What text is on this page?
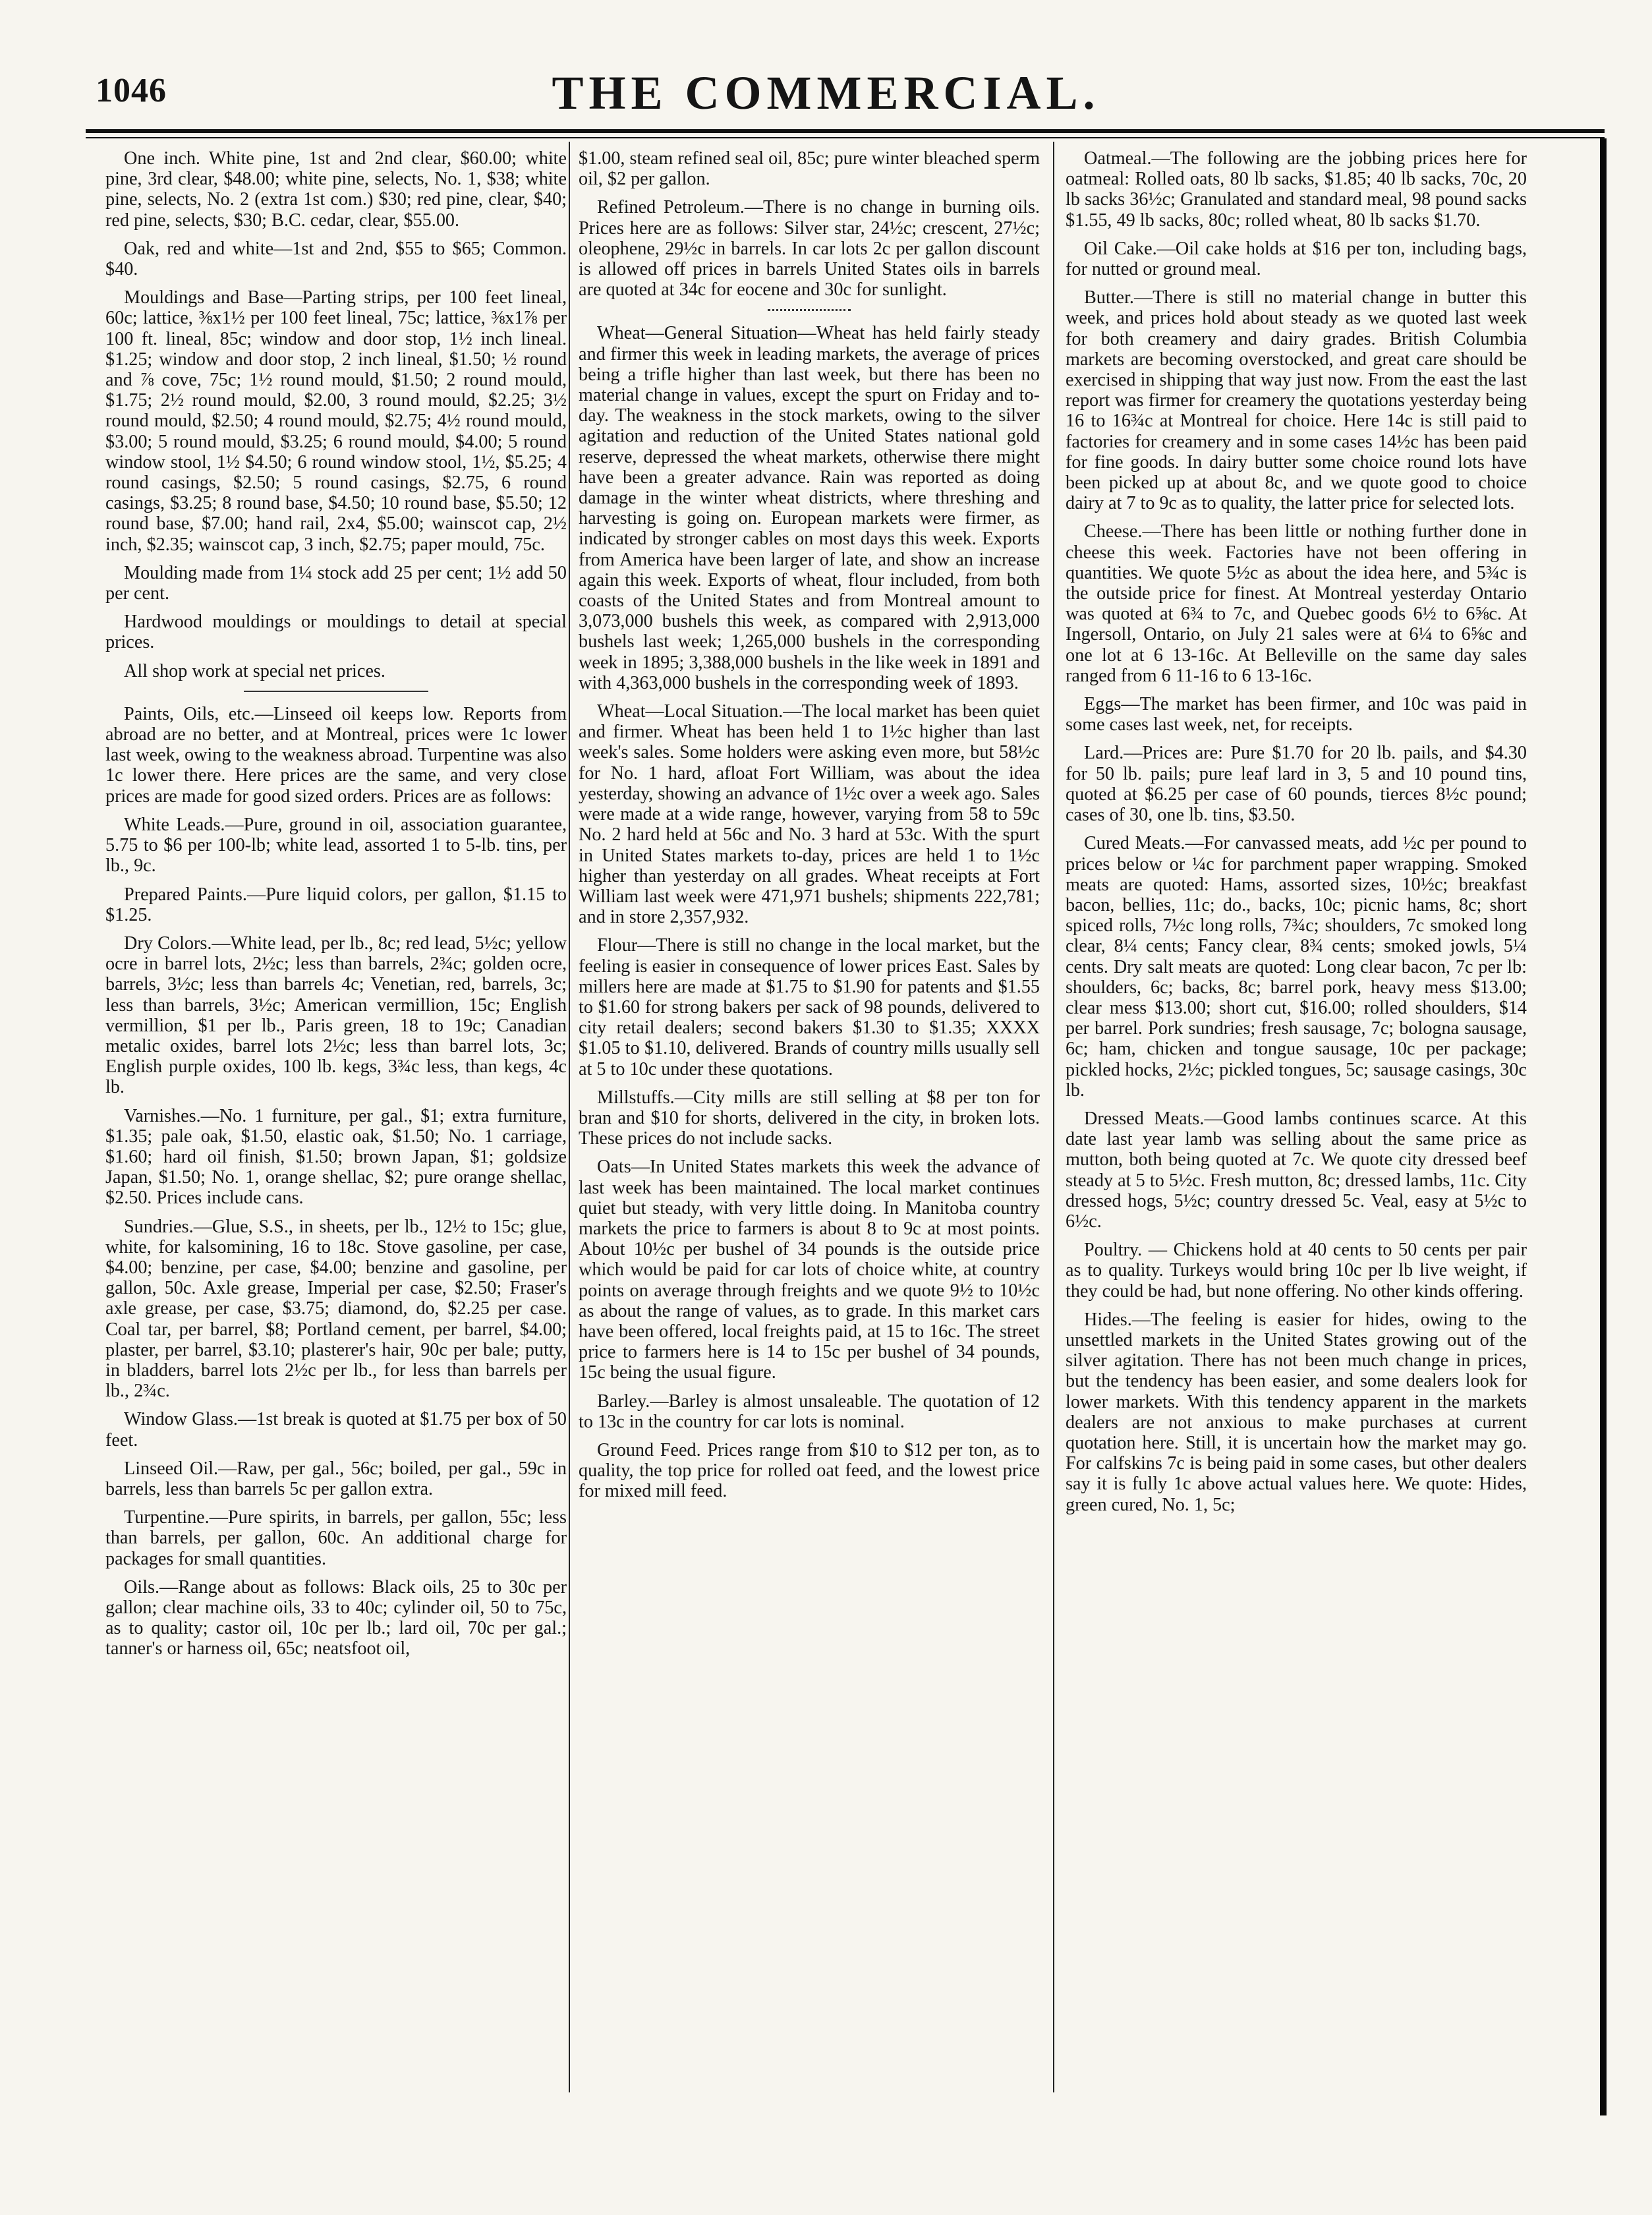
1046	THE COMMERCIAL.

One inch. White pine, 1st and 2nd clear, $60.00; white pine, 3rd clear, $48.00; white pine, selects, No. 1, $38; white pine, selects, No. 2 (extra 1st com.) $30; red pine, clear, $40; red pine, selects, $30; B.C. cedar, clear, $55.00.

Oak, red and white—1st and 2nd, $55 to $65; Common. $40.

Mouldings and Base—Parting strips, per 100 feet lineal, 60c; lattice, ⅜x1½ per 100 feet lineal, 75c; lattice, ⅜x1⅞ per 100 ft. lineal, 85c; window and door stop, 1½ inch lineal. $1.25; window and door stop, 2 inch lineal, $1.50; ½ round and ⅞ cove, 75c; 1½ round mould, $1.50; 2 round mould, $1.75; 2½ round mould, $2.00, 3 round mould, $2.25; 3½ round mould, $2.50; 4 round mould, $2.75; 4½ round mould, $3.00; 5 round mould, $3.25; 6 round mould, $4.00; 5 round window stool, 1½ $4.50; 6 round window stool, 1½, $5.25; 4 round casings, $2.50; 5 round casings, $2.75, 6 round casings, $3.25; 8 round base, $4.50; 10 round base, $5.50; 12 round base, $7.00; hand rail, 2x4, $5.00; wainscot cap, 2½ inch, $2.35; wainscot cap, 3 inch, $2.75; paper mould, 75c.

Moulding made from 1¼ stock add 25 per cent; 1½ add 50 per cent.

Hardwood mouldings or mouldings to detail at special prices.

All shop work at special net prices.

Paints, Oils, etc.—Linseed oil keeps low. Reports from abroad are no better, and at Montreal, prices were 1c lower last week, owing to the weakness abroad. Turpentine was also 1c lower there. Here prices are the same, and very close prices are made for good sized orders. Prices are as follows:

White Leads.—Pure, ground in oil, association guarantee, 5.75 to $6 per 100-lb; white lead, assorted 1 to 5-lb. tins, per lb., 9c.

Prepared Paints.—Pure liquid colors, per gallon, $1.15 to $1.25.

Dry Colors.—White lead, per lb., 8c; red lead, 5½c; yellow ocre in barrel lots, 2½c; less than barrels, 2¾c; golden ocre, barrels, 3½c; less than barrels 4c; Venetian, red, barrels, 3c; less than barrels, 3½c; American vermillion, 15c; English vermillion, $1 per lb., Paris green, 18 to 19c; Canadian metalic oxides, barrel lots 2½c; less than barrel lots, 3c; English purple oxides, 100 lb. kegs, 3¾c less, than kegs, 4c lb.

Varnishes.—No. 1 furniture, per gal., $1; extra furniture, $1.35; pale oak, $1.50, elastic oak, $1.50; No. 1 carriage, $1.60; hard oil finish, $1.50; brown Japan, $1; goldsize Japan, $1.50; No. 1, orange shellac, $2; pure orange shellac, $2.50. Prices include cans.

Sundries.—Glue, S.S., in sheets, per lb., 12½ to 15c; glue, white, for kalsomining, 16 to 18c. Stove gasoline, per case, $4.00; benzine, per case, $4.00; benzine and gasoline, per gallon, 50c. Axle grease, Imperial per case, $2.50; Fraser's axle grease, per case, $3.75; diamond, do, $2.25 per case. Coal tar, per barrel, $8; Portland cement, per barrel, $4.00; plaster, per barrel, $3.10; plasterer's hair, 90c per bale; putty, in bladders, barrel lots 2½c per lb., for less than barrels per lb., 2¾c.

Window Glass.—1st break is quoted at $1.75 per box of 50 feet.

Linseed Oil.—Raw, per gal., 56c; boiled, per gal., 59c in barrels, less than barrels 5c per gallon extra.

Turpentine.—Pure spirits, in barrels, per gallon, 55c; less than barrels, per gallon, 60c. An additional charge for packages for small quantities.

Oils.—Range about as follows: Black oils, 25 to 30c per gallon; clear machine oils, 33 to 40c; cylinder oil, 50 to 75c, as to quality; castor oil, 10c per lb.; lard oil, 70c per gal.; tanner's or harness oil, 65c; neatsfoot oil,

$1.00, steam refined seal oil, 85c; pure winter bleached sperm oil, $2 per gallon.

Refined Petroleum.—There is no change in burning oils. Prices here are as follows: Silver star, 24½c; crescent, 27½c; oleophene, 29½c in barrels. In car lots 2c per gallon discount is allowed off prices in barrels United States oils in barrels are quoted at 34c for eocene and 30c for sunlight.

Wheat—General Situation—Wheat has held fairly steady and firmer this week in leading markets, the average of prices being a trifle higher than last week, but there has been no material change in values, except the spurt on Friday and to-day. The weakness in the stock markets, owing to the silver agitation and reduction of the United States national gold reserve, depressed the wheat markets, otherwise there might have been a greater advance. Rain was reported as doing damage in the winter wheat districts, where threshing and harvesting is going on. European markets were firmer, as indicated by stronger cables on most days this week. Exports from America have been larger of late, and show an increase again this week. Exports of wheat, flour included, from both coasts of the United States and from Montreal amount to 3,073,000 bushels this week, as compared with 2,913,000 bushels last week; 1,265,000 bushels in the corresponding week in 1895; 3,388,000 bushels in the like week in 1891 and with 4,363,000 bushels in the corresponding week of 1893.

Wheat—Local Situation.—The local market has been quiet and firmer. Wheat has been held 1 to 1½c higher than last week's sales. Some holders were asking even more, but 58½c for No. 1 hard, afloat Fort William, was about the idea yesterday, showing an advance of 1½c over a week ago. Sales were made at a wide range, however, varying from 58 to 59c No. 2 hard held at 56c and No. 3 hard at 53c. With the spurt in United States markets to-day, prices are held 1 to 1½c higher than yesterday on all grades. Wheat receipts at Fort William last week were 471,971 bushels; shipments 222,781; and in store 2,357,932.

Flour—There is still no change in the local market, but the feeling is easier in consequence of lower prices East. Sales by millers here are made at $1.75 to $1.90 for patents and $1.55 to $1.60 for strong bakers per sack of 98 pounds, delivered to city retail dealers; second bakers $1.30 to $1.35; XXXX $1.05 to $1.10, delivered. Brands of country mills usually sell at 5 to 10c under these quotations.

Millstuffs.—City mills are still selling at $8 per ton for bran and $10 for shorts, delivered in the city, in broken lots. These prices do not include sacks.

Oats—In United States markets this week the advance of last week has been maintained. The local market continues quiet but steady, with very little doing. In Manitoba country markets the price to farmers is about 8 to 9c at most points. About 10½c per bushel of 34 pounds is the outside price which would be paid for car lots of choice white, at country points on average through freights and we quote 9½ to 10½c as about the range of values, as to grade. In this market cars have been offered, local freights paid, at 15 to 16c. The street price to farmers here is 14 to 15c per bushel of 34 pounds, 15c being the usual figure.

Barley.—Barley is almost unsaleable. The quotation of 12 to 13c in the country for car lots is nominal.

Ground Feed. Prices range from $10 to $12 per ton, as to quality, the top price for rolled oat feed, and the lowest price for mixed mill feed.

Oatmeal.—The following are the jobbing prices here for oatmeal: Rolled oats, 80 lb sacks, $1.85; 40 lb sacks, 70c, 20 lb sacks 36½c; Granulated and standard meal, 98 pound sacks $1.55, 49 lb sacks, 80c; rolled wheat, 80 lb sacks $1.70.

Oil Cake.—Oil cake holds at $16 per ton, including bags, for nutted or ground meal.

Butter.—There is still no material change in butter this week, and prices hold about steady as we quoted last week for both creamery and dairy grades. British Columbia markets are becoming overstocked, and great care should be exercised in shipping that way just now. From the east the last report was firmer for creamery the quotations yesterday being 16 to 16¾c at Montreal for choice. Here 14c is still paid to factories for creamery and in some cases 14½c has been paid for fine goods. In dairy butter some choice round lots have been picked up at about 8c, and we quote good to choice dairy at 7 to 9c as to quality, the latter price for selected lots.

Cheese.—There has been little or nothing further done in cheese this week. Factories have not been offering in quantities. We quote 5½c as about the idea here, and 5¾c is the outside price for finest. At Montreal yesterday Ontario was quoted at 6¾ to 7c, and Quebec goods 6½ to 6⅝c. At Ingersoll, Ontario, on July 21 sales were at 6¼ to 6⅝c and one lot at 6 13-16c. At Belleville on the same day sales ranged from 6 11-16 to 6 13-16c.

Eggs—The market has been firmer, and 10c was paid in some cases last week, net, for receipts.

Lard.—Prices are: Pure $1.70 for 20 lb. pails, and $4.30 for 50 lb. pails; pure leaf lard in 3, 5 and 10 pound tins, quoted at $6.25 per case of 60 pounds, tierces 8½c pound; cases of 30, one lb. tins, $3.50.

Cured Meats.—For canvassed meats, add ½c per pound to prices below or ¼c for parchment paper wrapping. Smoked meats are quoted: Hams, assorted sizes, 10½c; breakfast bacon, bellies, 11c; do., backs, 10c; picnic hams, 8c; short spiced rolls, 7½c long rolls, 7¾c; shoulders, 7c smoked long clear, 8¼ cents; Fancy clear, 8¾ cents; smoked jowls, 5¼ cents. Dry salt meats are quoted: Long clear bacon, 7c per lb: shoulders, 6c; backs, 8c; barrel pork, heavy mess $13.00; clear mess $13.00; short cut, $16.00; rolled shoulders, $14 per barrel. Pork sundries; fresh sausage, 7c; bologna sausage, 6c; ham, chicken and tongue sausage, 10c per package; pickled hocks, 2½c; pickled tongues, 5c; sausage casings, 30c lb.

Dressed Meats.—Good lambs continues scarce. At this date last year lamb was selling about the same price as mutton, both being quoted at 7c. We quote city dressed beef steady at 5 to 5½c. Fresh mutton, 8c; dressed lambs, 11c. City dressed hogs, 5½c; country dressed 5c. Veal, easy at 5½c to 6½c.

Poultry. — Chickens hold at 40 cents to 50 cents per pair as to quality. Turkeys would bring 10c per lb live weight, if they could be had, but none offering. No other kinds offering.

Hides.—The feeling is easier for hides, owing to the unsettled markets in the United States growing out of the silver agitation. There has not been much change in prices, but the tendency has been easier, and some dealers look for lower markets. With this tendency apparent in the markets dealers are not anxious to make purchases at current quotation here. Still, it is uncertain how the market may go. For calfskins 7c is being paid in some cases, but other dealers say it is fully 1c above actual values here. We quote: Hides, green cured, No. 1, 5c;
